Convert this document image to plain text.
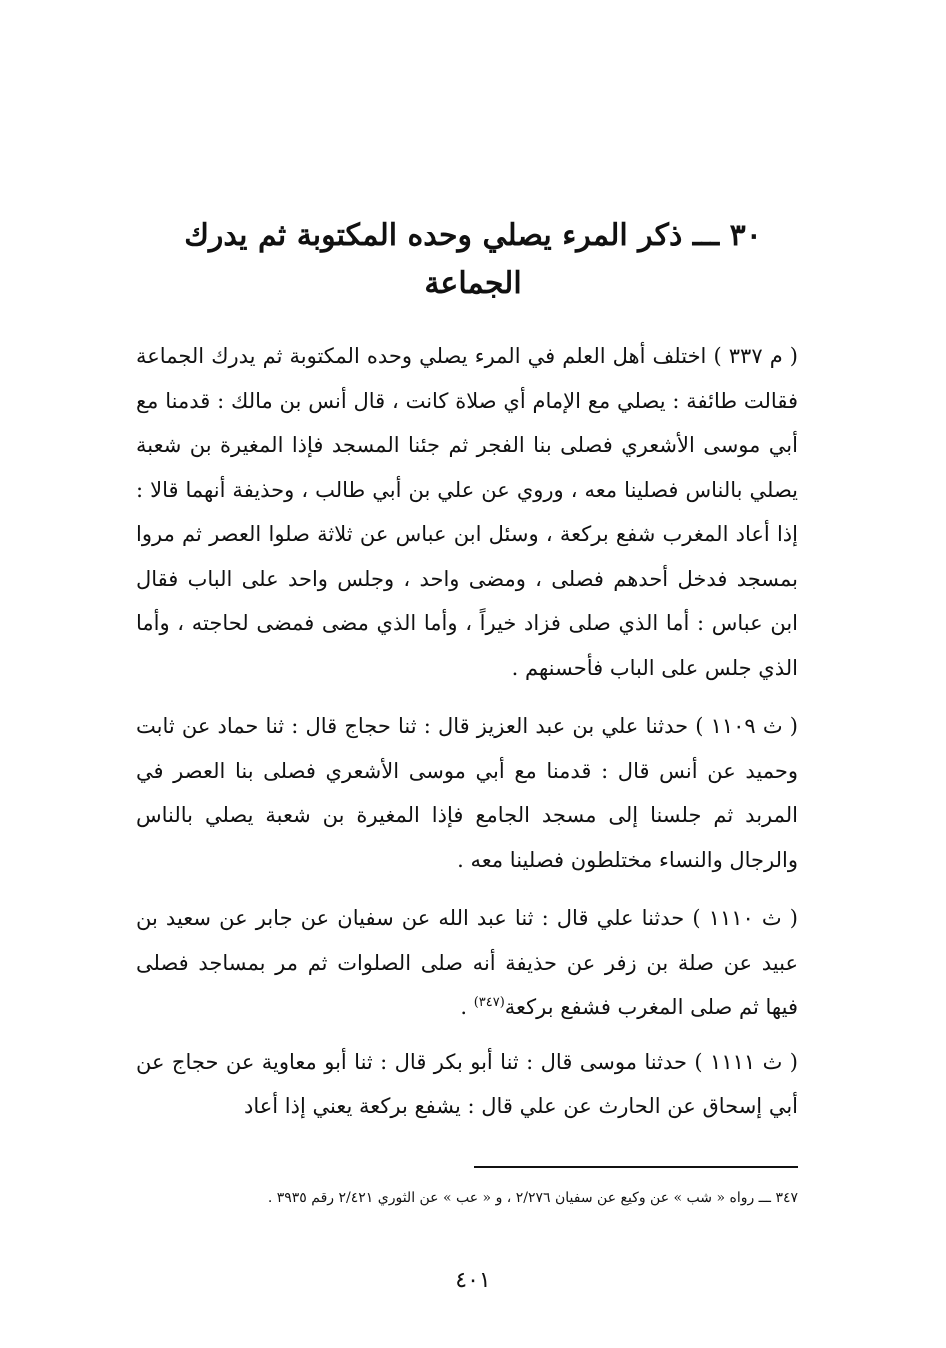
٣٠ ـــ ذكر المرء يصلي وحده المكتوبة ثم يدرك الجماعة

( م ٣٣٧ ) اختلف أهل العلم في المرء يصلي وحده المكتوبة ثم يدرك الجماعة فقالت طائفة : يصلي مع الإمام أي صلاة كانت ، قال أنس بن مالك : قدمنا مع أبي موسى الأشعري فصلى بنا الفجر ثم جئنا المسجد فإذا المغيرة بن شعبة يصلي بالناس فصلينا معه ، وروي عن علي بن أبي طالب ، وحذيفة أنهما قالا : إذا أعاد المغرب شفع بركعة ، وسئل ابن عباس عن ثلاثة صلوا العصر ثم مروا بمسجد فدخل أحدهم فصلى ، ومضى واحد ، وجلس واحد على الباب فقال ابن عباس : أما الذي صلى فزاد خيراً ، وأما الذي مضى فمضى لحاجته ، وأما الذي جلس على الباب فأحسنهم .

( ث ١١٠٩ ) حدثنا علي بن عبد العزيز قال : ثنا حجاج قال : ثنا حماد عن ثابت وحميد عن أنس قال : قدمنا مع أبي موسى الأشعري فصلى بنا العصر في المربد ثم جلسنا إلى مسجد الجامع فإذا المغيرة بن شعبة يصلي بالناس والرجال والنساء مختلطون فصلينا معه .

( ث ١١١٠ ) حدثنا علي قال : ثنا عبد الله عن سفيان عن جابر عن سعيد بن عبيد عن صلة بن زفر عن حذيفة أنه صلى الصلوات ثم مر بمساجد فصلى فيها ثم صلى المغرب فشفع بركعة$^{(٣٤٧)}$ .

( ث ١١١١ ) حدثنا موسى قال : ثنا أبو بكر قال : ثنا أبو معاوية عن حجاج عن أبي إسحاق عن الحارث عن علي قال : يشفع بركعة يعني إذا أعاد

٣٤٧ ـــ رواه « شب » عن وكيع عن سفيان ٢/٢٧٦ ، و « عب » عن الثوري ٢/٤٢١ رقم ٣٩٣٥ .

٤٠١
